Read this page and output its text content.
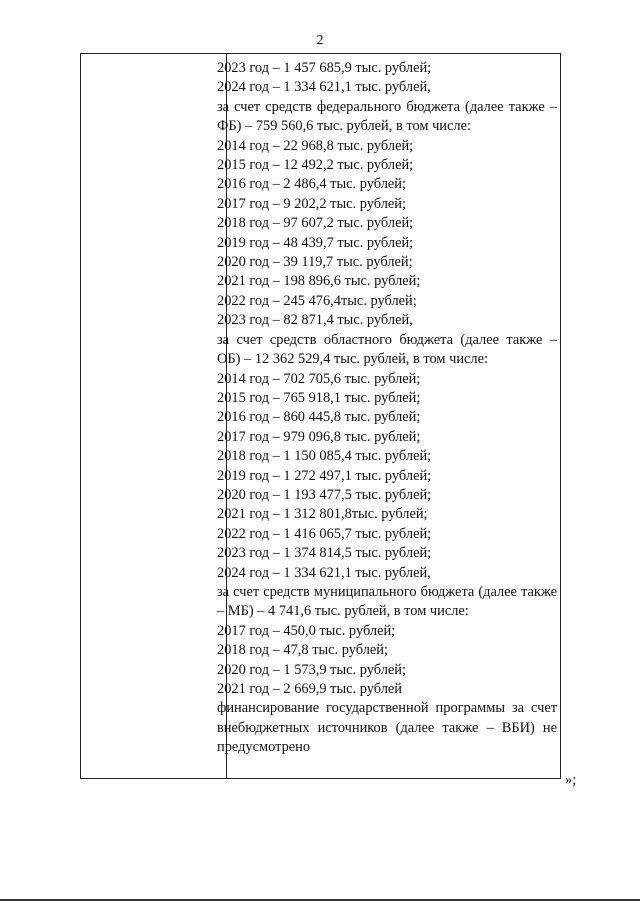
2
2023 год – 1 457 685,9 тыс. рублей;
2024 год – 1 334 621,1 тыс. рублей,
за счет средств федерального бюджета (далее также – ФБ) – 759 560,6 тыс. рублей, в том числе:
2014 год – 22 968,8 тыс. рублей;
2015 год – 12 492,2 тыс. рублей;
2016 год – 2 486,4 тыс. рублей;
2017 год – 9 202,2 тыс. рублей;
2018 год – 97 607,2 тыс. рублей;
2019 год – 48 439,7 тыс. рублей;
2020 год – 39 119,7 тыс. рублей;
2021 год – 198 896,6 тыс. рублей;
2022 год – 245 476,4тыс. рублей;
2023 год – 82 871,4 тыс. рублей,
за счет средств областного бюджета (далее также – ОБ) – 12 362 529,4 тыс. рублей, в том числе:
2014 год – 702 705,6 тыс. рублей;
2015 год – 765 918,1 тыс. рублей;
2016 год – 860 445,8 тыс. рублей;
2017 год – 979 096,8 тыс. рублей;
2018 год – 1 150 085,4 тыс. рублей;
2019 год – 1 272 497,1 тыс. рублей;
2020 год – 1 193 477,5 тыс. рублей;
2021 год – 1 312 801,8тыс. рублей;
2022 год – 1 416 065,7 тыс. рублей;
2023 год – 1 374 814,5 тыс. рублей;
2024 год – 1 334 621,1 тыс. рублей,
за счет средств муниципального бюджета (далее также – МБ) – 4 741,6 тыс. рублей, в том числе:
2017 год – 450,0 тыс. рублей;
2018 год – 47,8 тыс. рублей;
2020 год – 1 573,9 тыс. рублей;
2021 год – 2 669,9 тыс. рублей
финансирование государственной программы за счет внебюджетных источников (далее также – ВБИ) не предусмотрено
»;
